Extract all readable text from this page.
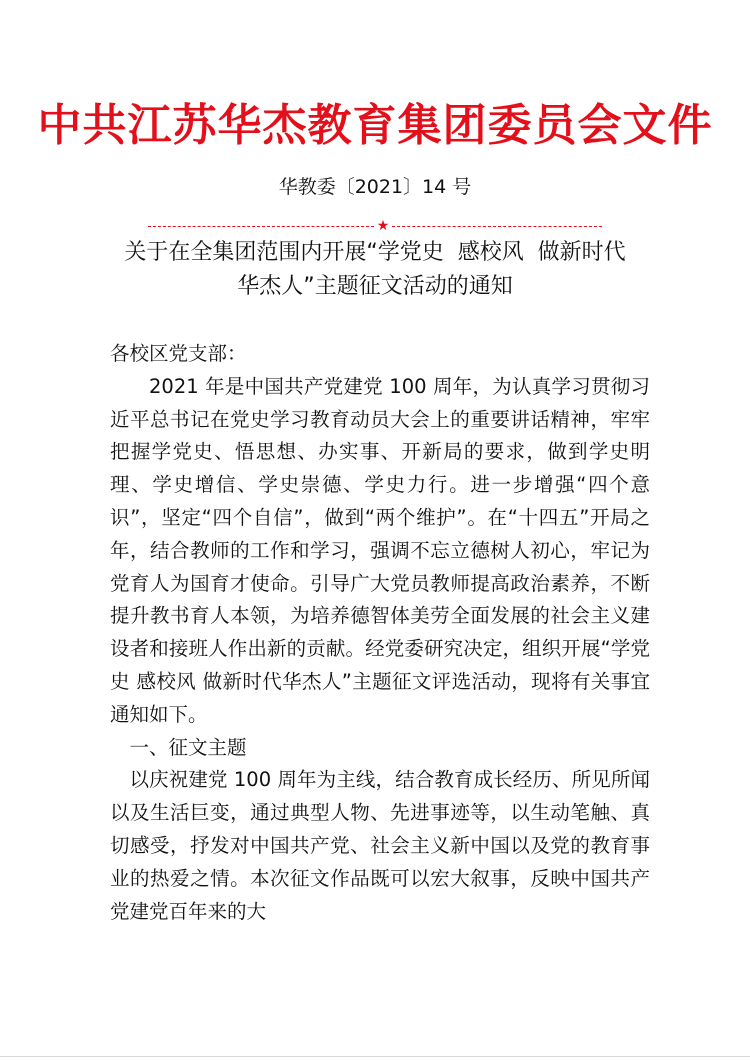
中共江苏华杰教育集团委员会文件
华教委〔2021〕14 号
★
关于在全集团范围内开展“学党史  感校风  做新时代
华杰人”主题征文活动的通知

各校区党支部：

2021 年是中国共产党建党 100 周年，为认真学习贯彻习近平总书记在党史学习教育动员大会上的重要讲话精神，牢牢把握学党史、悟思想、办实事、开新局的要求，做到学史明理、学史增信、学史崇德、学史力行。进一步增强“四个意识”，坚定“四个自信”，做到“两个维护”。在“十四五”开局之年，结合教师的工作和学习，强调不忘立德树人初心，牢记为党育人为国育才使命。引导广大党员教师提高政治素养，不断提升教书育人本领，为培养德智体美劳全面发展的社会主义建设者和接班人作出新的贡献。经党委研究决定，组织开展“学党史 感校风 做新时代华杰人”主题征文评选活动，现将有关事宜通知如下。

一、征文主题

以庆祝建党 100 周年为主线，结合教育成长经历、所见所闻以及生活巨变，通过典型人物、先进事迹等，以生动笔触、真切感受，抒发对中国共产党、社会主义新中国以及党的教育事业的热爱之情。本次征文作品既可以宏大叙事，反映中国共产党建党百年来的大
